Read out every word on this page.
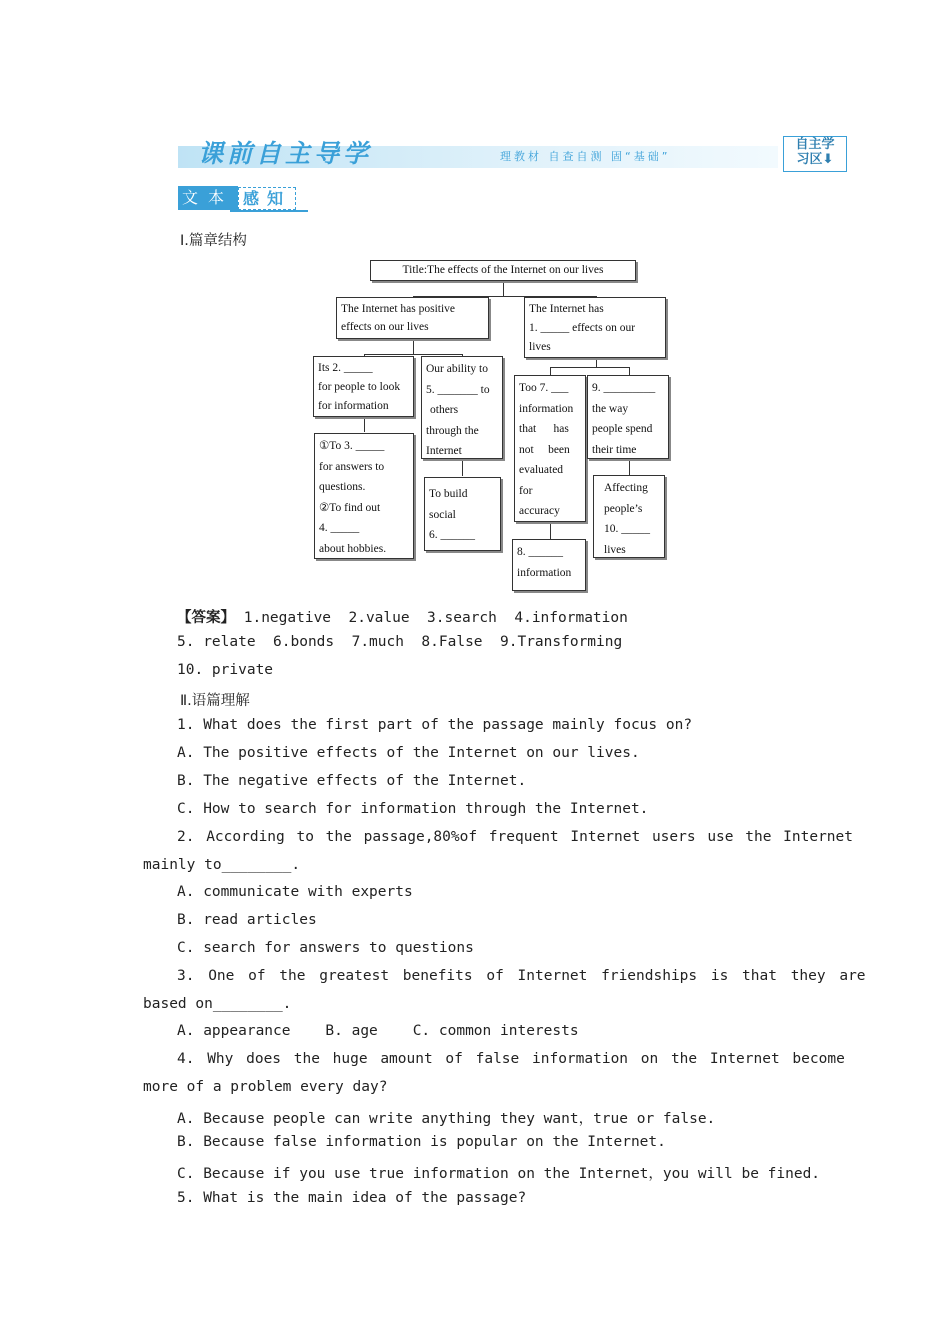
课前自主导学	理教材 自查自测 固“基础”
自主学
习区⬇
文本 感知
Ⅰ.篇章结构
Title:The effects of the Internet on our lives
The Internet has positive
effects on our lives
The Internet has
1. _____ effects on our
lives
Its 2. _____
for people to look
for information
Our ability to
5. _______ to
others
through the
Internet
①To 3. _____
for answers to
questions.
②To find out
4. _____
about hobbies.
To build
social
6. ______
Too 7. ___
information
that      has
not     been
evaluated
for
accuracy
9. _________
the way
people spend
their time
Affecting
people’s
10. _____
lives
8. ______
information
【答案】 1.negative  2.value  3.search  4.information
5. relate  6.bonds  7.much  8.False  9.Transforming
10. private
Ⅱ.语篇理解
1. What does the first part of the passage mainly focus on?
A. The positive effects of the Internet on our lives.
B. The negative effects of the Internet.
C. How to search for information through the Internet.
2. According to the passage,80%of frequent Internet users use the Internet
mainly to________.
A. communicate with experts
B. read articles
C. search for answers to questions
3. One of the greatest benefits of Internet friendships is that they are
based on________.
A. appearance    B. age    C. common interests
4. Why does the huge amount of false information on the Internet become
more of a problem every day?
A. Because people can write anything they want，true or false.
B. Because false information is popular on the Internet.
C. Because if you use true information on the Internet，you will be fined.
5. What is the main idea of the passage?
